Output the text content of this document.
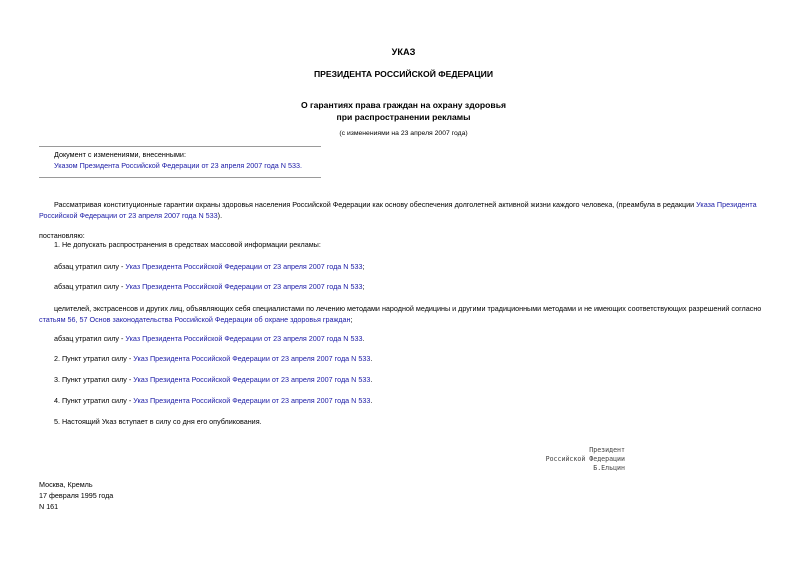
УКАЗ
ПРЕЗИДЕНТА РОССИЙСКОЙ ФЕДЕРАЦИИ
О гарантиях права граждан на охрану здоровья
при распространении рекламы
(с изменениями на 23 апреля 2007 года)
Документ с изменениями, внесенными:
Указом Президента Российской Федерации от 23 апреля 2007 года N 533.
Рассматривая конституционные гарантии охраны здоровья населения Российской Федерации как основу обеспечения долголетней активной жизни каждого человека, (преамбула в редакции Указа Президента Российской Федерации от 23 апреля 2007 года N 533).
постановляю:
1. Не допускать распространения в средствах массовой информации рекламы:
абзац утратил силу - Указ Президента Российской Федерации от 23 апреля 2007 года N 533;
абзац утратил силу - Указ Президента Российской Федерации от 23 апреля 2007 года N 533;
целителей, экстрасенсов и других лиц, объявляющих себя специалистами по лечению методами народной медицины и другими традиционными методами и не имеющих соответствующих разрешений согласно статьям 56, 57 Основ законодательства Российской Федерации об охране здоровья граждан;
абзац утратил силу - Указ Президента Российской Федерации от 23 апреля 2007 года N 533.
2. Пункт утратил силу - Указ Президента Российской Федерации от 23 апреля 2007 года N 533.
3. Пункт утратил силу - Указ Президента Российской Федерации от 23 апреля 2007 года N 533.
4. Пункт утратил силу - Указ Президента Российской Федерации от 23 апреля 2007 года N 533.
5. Настоящий Указ вступает в силу со дня его опубликования.
Президент
Российской Федерации
Б.Ельцин
Москва, Кремль
17 февраля 1995 года
N 161
